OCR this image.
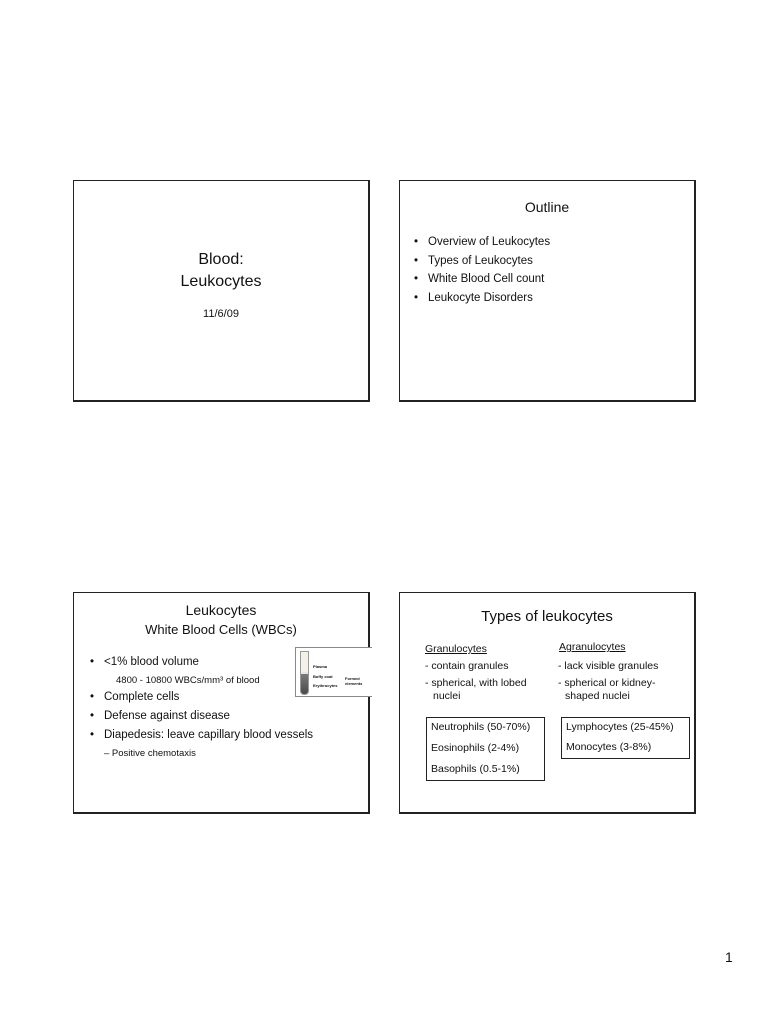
Blood:
Leukocytes
11/6/09
Outline
• Overview of Leukocytes
• Types of Leukocytes
• White Blood Cell count
• Leukocyte Disorders
Leukocytes
White Blood Cells (WBCs)
• <1% blood volume
4800 - 10800 WBCs/mm³ of blood
• Complete cells
• Defense against disease
• Diapedesis: leave capillary blood vessels
– Positive chemotaxis
Plasma
Buffy coat
Erythrocytes
Formed
elements
Types of leukocytes
Granulocytes
- contain granules
- spherical, with lobed
nuclei
Agranulocytes
- lack visible granules
- spherical or kidney-
shaped nuclei
Neutrophils (50-70%)
Eosinophils (2-4%)
Basophils (0.5-1%)
Lymphocytes (25-45%)
Monocytes (3-8%)
1
